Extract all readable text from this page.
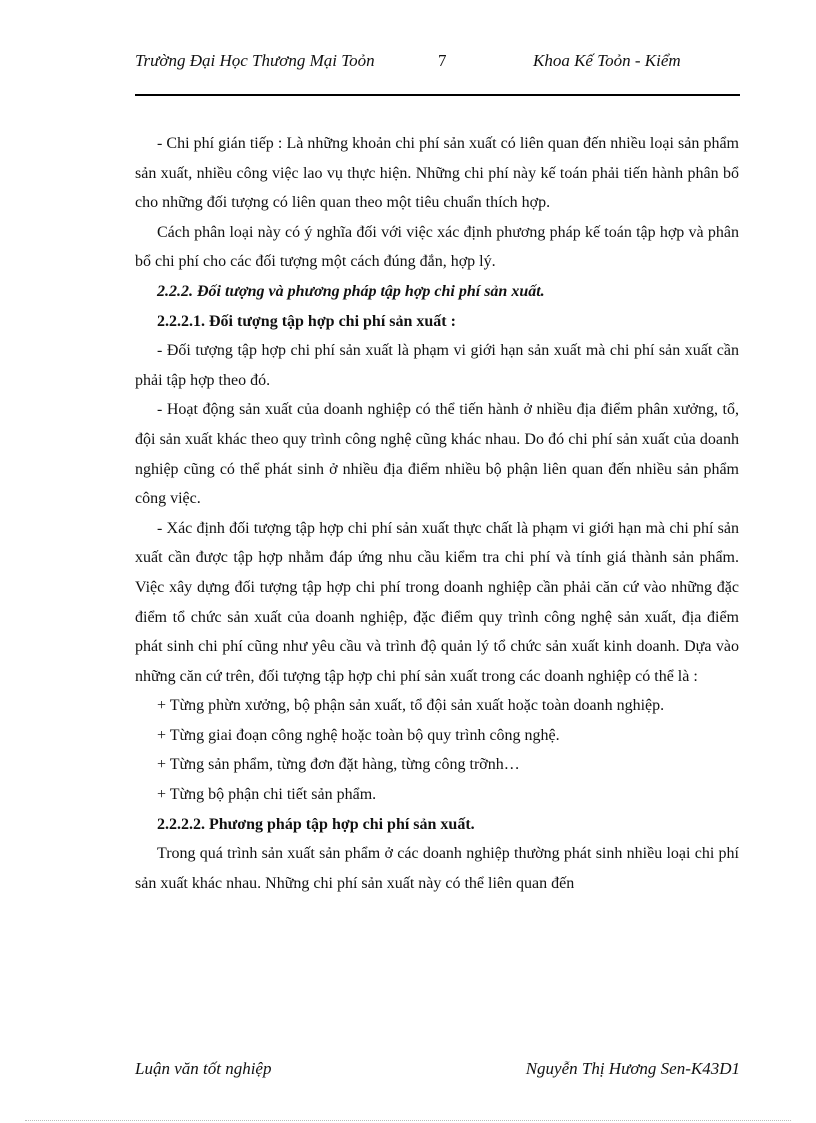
Trường Đại Học Thương Mại Toỏn	7	Khoa Kế Toỏn - Kiểm

- Chi phí gián tiếp : Là những khoản chi phí sản xuất có liên quan đến nhiều loại sản phẩm sản xuất, nhiều công việc lao vụ thực hiện. Những chi phí này kế toán phải tiến hành phân bổ cho những đối tượng có liên quan theo một tiêu chuẩn thích hợp.

Cách phân loại này có ý nghĩa đối với việc xác định phương pháp kế toán tập hợp và phân bổ chi phí cho các đối tượng một cách đúng đắn, hợp lý.

2.2.2. Đối tượng và phương pháp tập hợp chi phí sản xuất.

2.2.2.1. Đối tượng tập hợp chi phí sản xuất :

- Đối tượng tập hợp chi phí sản xuất là phạm vi giới hạn sản xuất mà chi phí sản xuất cần phải tập hợp theo đó.

- Hoạt động sản xuất của doanh nghiệp có thể tiến hành ở nhiều địa điểm phân xưởng, tổ, đội sản xuất khác theo quy trình công nghệ cũng khác nhau. Do đó chi phí sản xuất của doanh nghiệp cũng có thể phát sinh ở nhiều địa điểm nhiều bộ phận liên quan đến nhiều sản phẩm công việc.

- Xác định đối tượng tập hợp chi phí sản xuất thực chất là phạm vi giới hạn mà chi phí sản xuất cần được tập hợp nhằm đáp ứng nhu cầu kiểm tra chi phí và tính giá thành sản phẩm. Việc xây dựng đối tượng tập hợp chi phí trong doanh nghiệp cần phải căn cứ vào những đặc điểm tổ chức sản xuất của doanh nghiệp, đặc điểm quy trình công nghệ sản xuất, địa điểm phát sinh chi phí cũng như yêu cầu và trình độ quản lý tổ chức sản xuất kinh doanh. Dựa vào những căn cứ trên, đối tượng tập hợp chi phí sản xuất trong các doanh nghiệp có thể là :

+ Từng phừn xưởng, bộ phận sản xuất, tổ đội sản xuất hoặc toàn doanh nghiệp.

+ Từng giai đoạn công nghệ hoặc toàn bộ quy trình công nghệ.

+ Từng sản phẩm, từng đơn đặt hàng, từng công trỡnh…

+ Từng bộ phận chi tiết sản phẩm.

2.2.2.2. Phương pháp tập hợp chi phí sản xuất.

Trong quá trình sản xuất sản phẩm ở các doanh nghiệp thường phát sinh nhiều loại chi phí sản xuất khác nhau. Những chi phí sản xuất này có thể liên quan đến

Luận văn tốt nghiệp	Nguyễn Thị Hương Sen-K43D1
